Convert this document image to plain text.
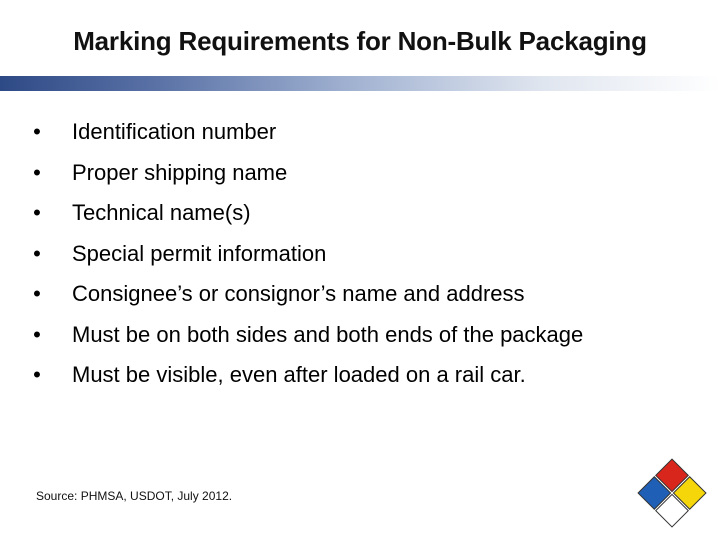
Marking Requirements for Non-Bulk Packaging
• Identification number
• Proper shipping name
• Technical name(s)
• Special permit information
• Consignee’s or consignor’s name and address
• Must be on both sides and both ends of the package
• Must be visible, even after loaded on a rail car.
Source: PHMSA, USDOT, July 2012.
52
